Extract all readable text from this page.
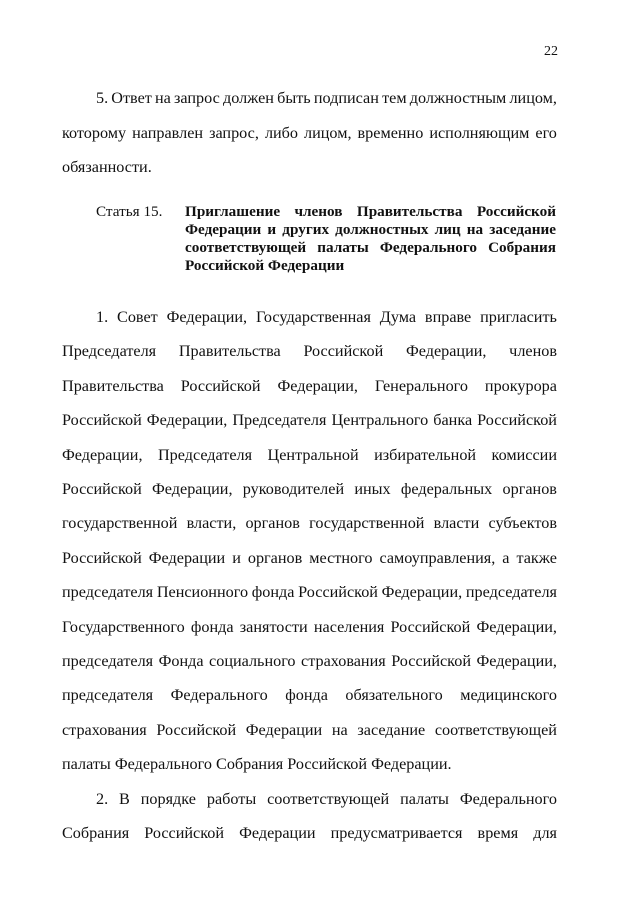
22
5. Ответ на запрос должен быть подписан тем должностным лицом,
которому направлен запрос, либо лицом, временно исполняющим его
обязанности.
Статья 15. Приглашение членов Правительства Российской
Федерации и других должностных лиц на заседание
соответствующей палаты Федерального Собрания
Российской Федерации
1. Совет Федерации, Государственная Дума вправе пригласить
Председателя Правительства Российской Федерации, членов
Правительства Российской Федерации, Генерального прокурора
Российской Федерации, Председателя Центрального банка Российской
Федерации, Председателя Центральной избирательной комиссии
Российской Федерации, руководителей иных федеральных органов
государственной власти, органов государственной власти субъектов
Российской Федерации и органов местного самоуправления, а также
председателя Пенсионного фонда Российской Федерации, председателя
Государственного фонда занятости населения Российской Федерации,
председателя Фонда социального страхования Российской Федерации,
председателя Федерального фонда обязательного медицинского
страхования Российской Федерации на заседание соответствующей
палаты Федерального Собрания Российской Федерации.
2. В порядке работы соответствующей палаты Федерального
Собрания Российской Федерации предусматривается время для
